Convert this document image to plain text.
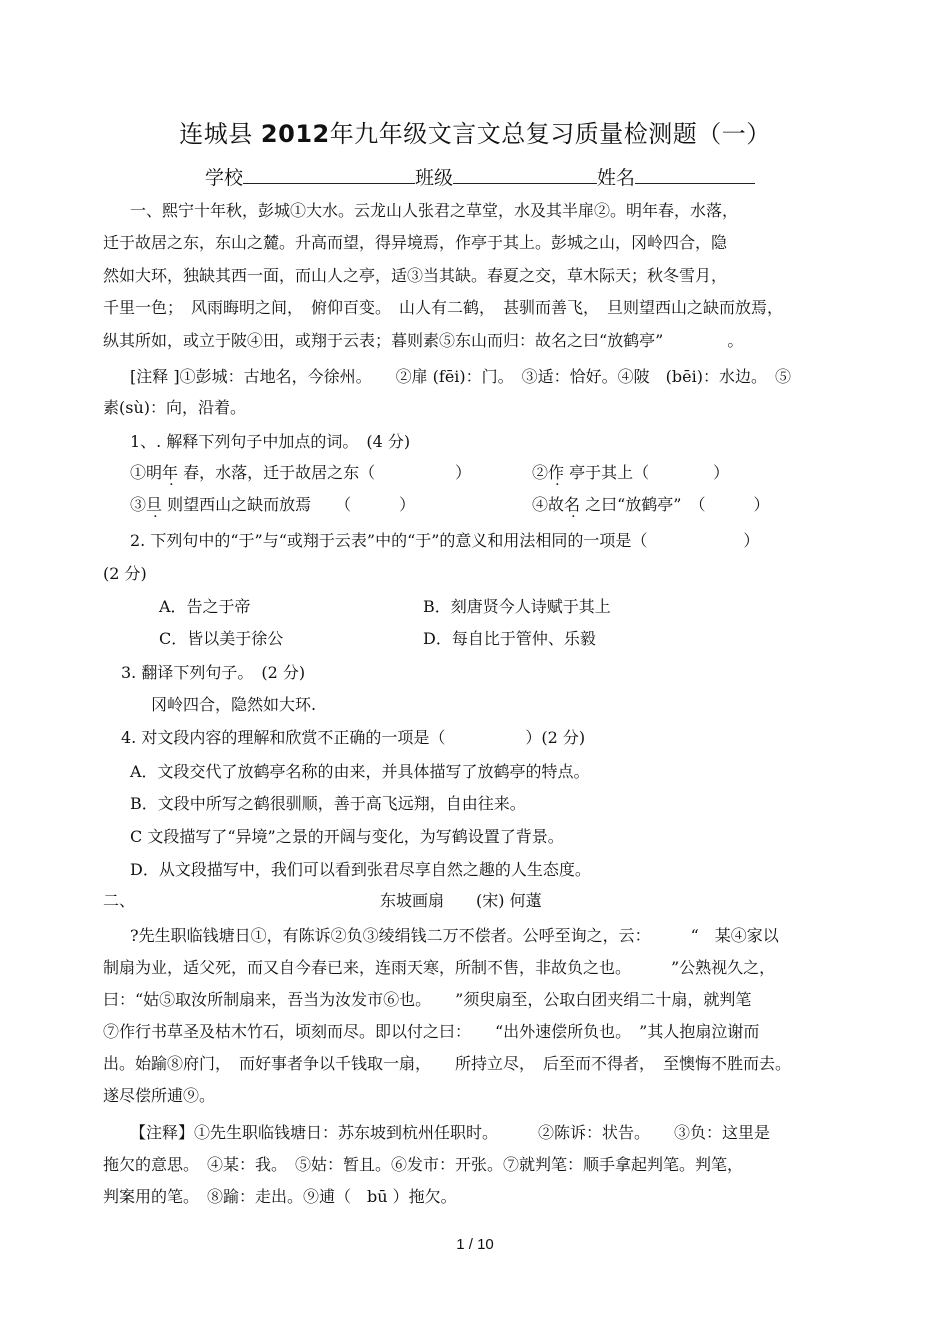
连城县 2012年九年级文言文总复习质量检测题（一）
学校	班级	姓名
一、熙宁十年秋，彭城①大水。云龙山人张君之草堂，水及其半扉②。明年春，水落，
迁于故居之东，东山之麓。升高而望，得异境焉，作亭于其上。彭城之山，冈岭四合，隐
然如大环，独缺其西一面，而山人之亭，适③当其缺。春夏之交，草木际天；秋冬雪月，
千里一色；　风雨晦明之间，　俯仰百变。　山人有二鹤，　甚驯而善飞，　旦则望西山之缺而放焉，
纵其所如，或立于陂④田，或翔于云表；暮则素⑤东山而归：故名之曰“放鹤亭”　　　　。
[注释 ]①彭城：古地名，今徐州。　　②扉 (fēi)：门。　③适：恰好。④陂　(bēi)：水边。　⑤
素(sù)：向，沿着。
1、. 解释下列句子中加点的词。　(4 分)
①明年 春，水落，迁于故居之东（　　　　　）	②作 亭于其上（　　　　）
③旦 则望西山之缺而放焉　　（　　　）	④故名 之曰“放鹤亭”　（　　　）
2. 下列句中的“于”与“或翔于云表”中的“于”的意义和用法相同的一项是（　　　　　　）
(2 分)
A．告之于帝	B．刻唐贤今人诗赋于其上
C．皆以美于徐公	D．每自比于管仲、乐毅
3. 翻译下列句子。　(2 分)
冈岭四合，隐然如大环.
4. 对文段内容的理解和欣赏不正确的一项是（　　　　　）(2 分)
A．文段交代了放鹤亭名称的由来，并具体描写了放鹤亭的特点。
B．文段中所写之鹤很驯顺，善于高飞远翔，自由往来。
C 文段描写了“异境”之景的开阔与变化，为写鹤设置了背景。
D．从文段描写中，我们可以看到张君尽享自然之趣的人生态度。
二、	东坡画扇　　(宋) 何薳
?先生职临钱塘日①，有陈诉②负③绫绢钱二万不偿者。公呼至询之，云：　　　“　某④家以
制扇为业，适父死，而又自今春已来，连雨天寒，所制不售，非故负之也。　　　”公熟视久之，
曰：“姑⑤取汝所制扇来，吾当为汝发市⑥也。　　”须臾扇至，公取白团夹绢二十扇，就判笔
⑦作行书草圣及枯木竹石，顷刻而尽。即以付之曰：　　“出外速偿所负也。　”其人抱扇泣谢而
出。始踰⑧府门，　而好事者争以千钱取一扇，　　所持立尽，　后至而不得者，　至懊悔不胜而去。
遂尽偿所逋⑨。
【注释】①先生职临钱塘日：苏东坡到杭州任职时。　　　②陈诉：状告。　　③负：这里是
拖欠的意思。　④某：我。　⑤姑：暂且。⑥发市：开张。⑦就判笔：顺手拿起判笔。判笔，
判案用的笔。　⑧踰：走出。⑨逋（　bū ）拖欠。
1 / 10
